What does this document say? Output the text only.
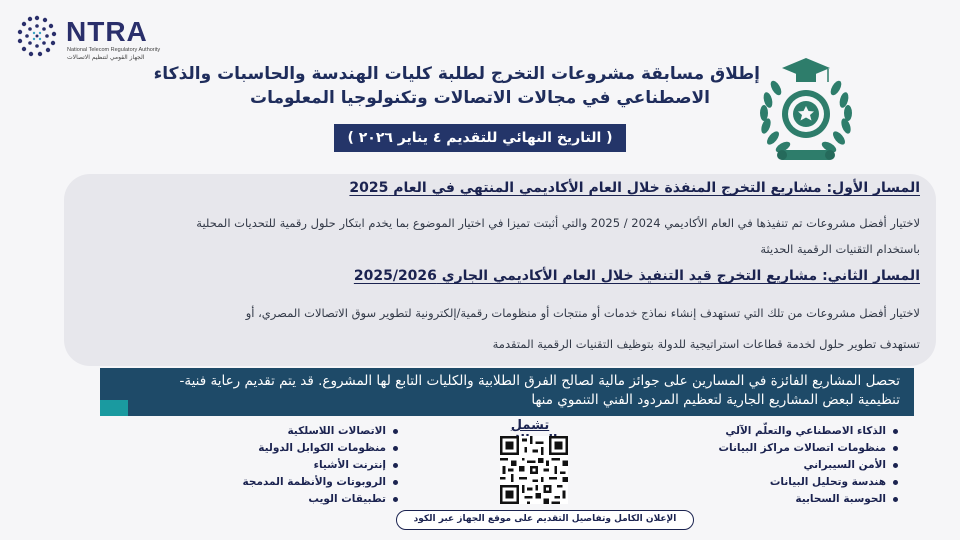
NTRA
National Telecom Regulatory Authority
الجهاز القومي لتنظيم الاتصالات
إطلاق مسابقة مشروعات التخرج لطلبة كليات الهندسة والحاسبات والذكاء
الاصطناعي في مجالات الاتصالات وتكنولوجيا المعلومات
( التاريخ النهائي للتقديم ٤ يناير ٢٠٢٦ )
المسار الأول: مشاريع التخرج المنفذة خلال العام الأكاديمي المنتهي في العام 2025
لاختيار أفضل مشروعات تم تنفيذها في العام الأكاديمي 2024 / 2025 والتي أثبتت تميزا في اختيار الموضوع بما يخدم ابتكار حلول رقمية للتحديات المحلية
باستخدام التقنيات الرقمية الحديثة
المسار الثاني: مشاريع التخرج قيد التنفيذ خلال العام الأكاديمي الجاري 2025/2026
لاختيار أفضل مشروعات من تلك التي تستهدف إنشاء نماذج خدمات أو منتجات أو منظومات رقمية/إلكترونية لتطوير سوق الاتصالات المصري، أو
تستهدف تطوير حلول لخدمة قطاعات استراتيجية للدولة بتوظيف التقنيات الرقمية المتقدمة
تحصل المشاريع الفائزة في المسارين على جوائز مالية لصالح الفرق الطلابية والكليات التابع لها المشروع. قد يتم تقديم رعاية فنية-
تنظيمية لبعض المشاريع الجارية لتعظيم المردود الفني التنموي منها
تشمل	الذكاء الاصطناعي والتعلّم الآلي
منظومات اتصالات مراكز البيانات
الأمن السيبراني
هندسة وتحليل البيانات
الحوسبة السحابية
الاتصالات اللاسلكية
منظومات الكوابل الدولية
إنترنت الأشياء
الروبوتات والأنظمة المدمجة
تطبيقات الويب
الإعلان الكامل وتفاصيل التقديم على موقع الجهاز عبر الكود
